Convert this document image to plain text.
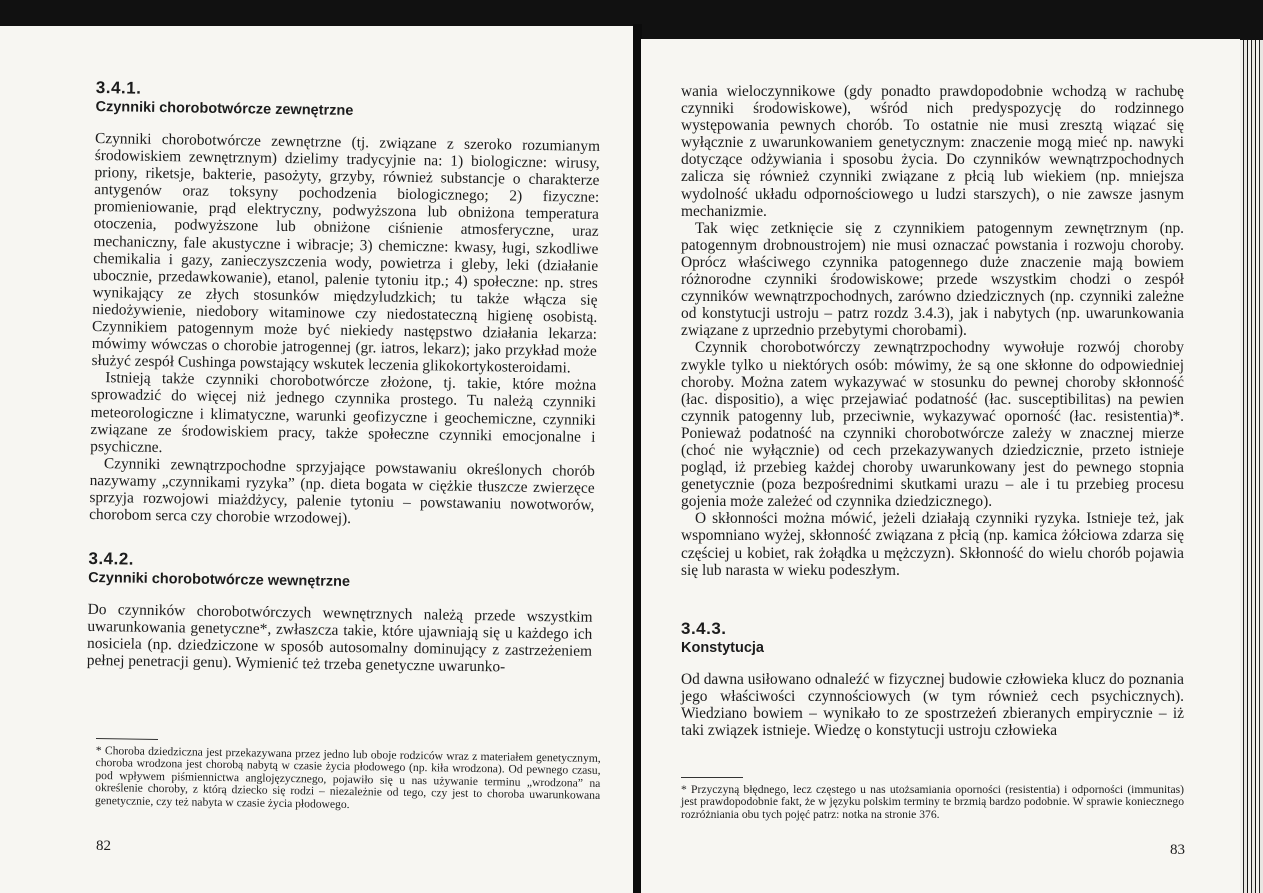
3.4.1.

Czynniki chorobotwórcze zewnętrzne

Czynniki chorobotwórcze zewnętrzne (tj. związane z szeroko rozumianym środowiskiem zewnętrznym) dzielimy tradycyjnie na: 1) biologiczne: wirusy, priony, riketsje, bakterie, pasożyty, grzyby, również substancje o charakterze antygenów oraz toksyny pochodzenia biologicznego; 2) fizyczne: promieniowanie, prąd elektryczny, podwyższona lub obniżona temperatura otoczenia, podwyższone lub obniżone ciśnienie atmosferyczne, uraz mechaniczny, fale akustyczne i wibracje; 3) chemiczne: kwasy, ługi, szkodliwe chemikalia i gazy, zanieczyszczenia wody, powietrza i gleby, leki (działanie ubocznie, przedawkowanie), etanol, palenie tytoniu itp.; 4) społeczne: np. stres wynikający ze złych stosunków międzyludzkich; tu także włącza się niedożywienie, niedobory witaminowe czy niedostateczną higienę osobistą. Czynnikiem patogennym może być niekiedy następstwo działania lekarza: mówimy wówczas o chorobie jatrogennej (gr. iatros, lekarz); jako przykład może służyć zespół Cushinga powstający wskutek leczenia glikokortykosteroidami.

Istnieją także czynniki chorobotwórcze złożone, tj. takie, które można sprowadzić do więcej niż jednego czynnika prostego. Tu należą czynniki meteorologiczne i klimatyczne, warunki geofizyczne i geochemiczne, czynniki związane ze środowiskiem pracy, także społeczne czynniki emocjonalne i psychiczne.

Czynniki zewnątrzpochodne sprzyjające powstawaniu określonych chorób nazywamy „czynnikami ryzyka” (np. dieta bogata w ciężkie tłuszcze zwierzęce sprzyja rozwojowi miażdżycy, palenie tytoniu – powstawaniu nowotworów, chorobom serca czy chorobie wrzodowej).

3.4.2.

Czynniki chorobotwórcze wewnętrzne

Do czynników chorobotwórczych wewnętrznych należą przede wszystkim uwarunkowania genetyczne*, zwłaszcza takie, które ujawniają się u każdego ich nosiciela (np. dziedziczone w sposób autosomalny dominujący z zastrzeżeniem pełnej penetracji genu). Wymienić też trzeba genetyczne uwarunko-

* Choroba dziedziczna jest przekazywana przez jedno lub oboje rodziców wraz z materiałem genetycznym, choroba wrodzona jest chorobą nabytą w czasie życia płodowego (np. kiła wrodzona). Od pewnego czasu, pod wpływem piśmiennictwa anglojęzycznego, pojawiło się u nas używanie terminu „wrodzona” na określenie choroby, z którą dziecko się rodzi – niezależnie od tego, czy jest to choroba uwarunkowana genetycznie, czy też nabyta w czasie życia płodowego.

82

wania wieloczynnikowe (gdy ponadto prawdopodobnie wchodzą w rachubę czynniki środowiskowe), wśród nich predyspozycję do rodzinnego występowania pewnych chorób. To ostatnie nie musi zresztą wiązać się wyłącznie z uwarunkowaniem genetycznym: znaczenie mogą mieć np. nawyki dotyczące odżywiania i sposobu życia. Do czynników wewnątrzpochodnych zalicza się również czynniki związane z płcią lub wiekiem (np. mniejsza wydolność układu odpornościowego u ludzi starszych), o nie zawsze jasnym mechanizmie.

Tak więc zetknięcie się z czynnikiem patogennym zewnętrznym (np. patogennym drobnoustrojem) nie musi oznaczać powstania i rozwoju choroby. Oprócz właściwego czynnika patogennego duże znaczenie mają bowiem różnorodne czynniki środowiskowe; przede wszystkim chodzi o zespół czynników wewnątrzpochodnych, zarówno dziedzicznych (np. czynniki zależne od konstytucji ustroju – patrz rozdz 3.4.3), jak i nabytych (np. uwarunkowania związane z uprzednio przebytymi chorobami).

Czynnik chorobotwórczy zewnątrzpochodny wywołuje rozwój choroby zwykle tylko u niektórych osób: mówimy, że są one skłonne do odpowiedniej choroby. Można zatem wykazywać w stosunku do pewnej choroby skłonność (łac. dispositio), a więc przejawiać podatność (łac. susceptibilitas) na pewien czynnik patogenny lub, przeciwnie, wykazywać oporność (łac. resistentia)*. Ponieważ podatność na czynniki chorobotwórcze zależy w znacznej mierze (choć nie wyłącznie) od cech przekazywanych dziedzicznie, przeto istnieje pogląd, iż przebieg każdej choroby uwarunkowany jest do pewnego stopnia genetycznie (poza bezpośrednimi skutkami urazu – ale i tu przebieg procesu gojenia może zależeć od czynnika dziedzicznego).

O skłonności można mówić, jeżeli działają czynniki ryzyka. Istnieje też, jak wspomniano wyżej, skłonność związana z płcią (np. kamica żółciowa zdarza się częściej u kobiet, rak żołądka u mężczyzn). Skłonność do wielu chorób pojawia się lub narasta w wieku podeszłym.

3.4.3.

Konstytucja

Od dawna usiłowano odnaleźć w fizycznej budowie człowieka klucz do poznania jego właściwości czynnościowych (w tym również cech psychicznych). Wiedziano bowiem – wynikało to ze spostrzeżeń zbieranych empirycznie – iż taki związek istnieje. Wiedzę o konstytucji ustroju człowieka

* Przyczyną błędnego, lecz częstego u nas utożsamiania oporności (resistentia) i odporności (immunitas) jest prawdopodobnie fakt, że w języku polskim terminy te brzmią bardzo podobnie. W sprawie koniecznego rozróżniania obu tych pojęć patrz: notka na stronie 376.

83
